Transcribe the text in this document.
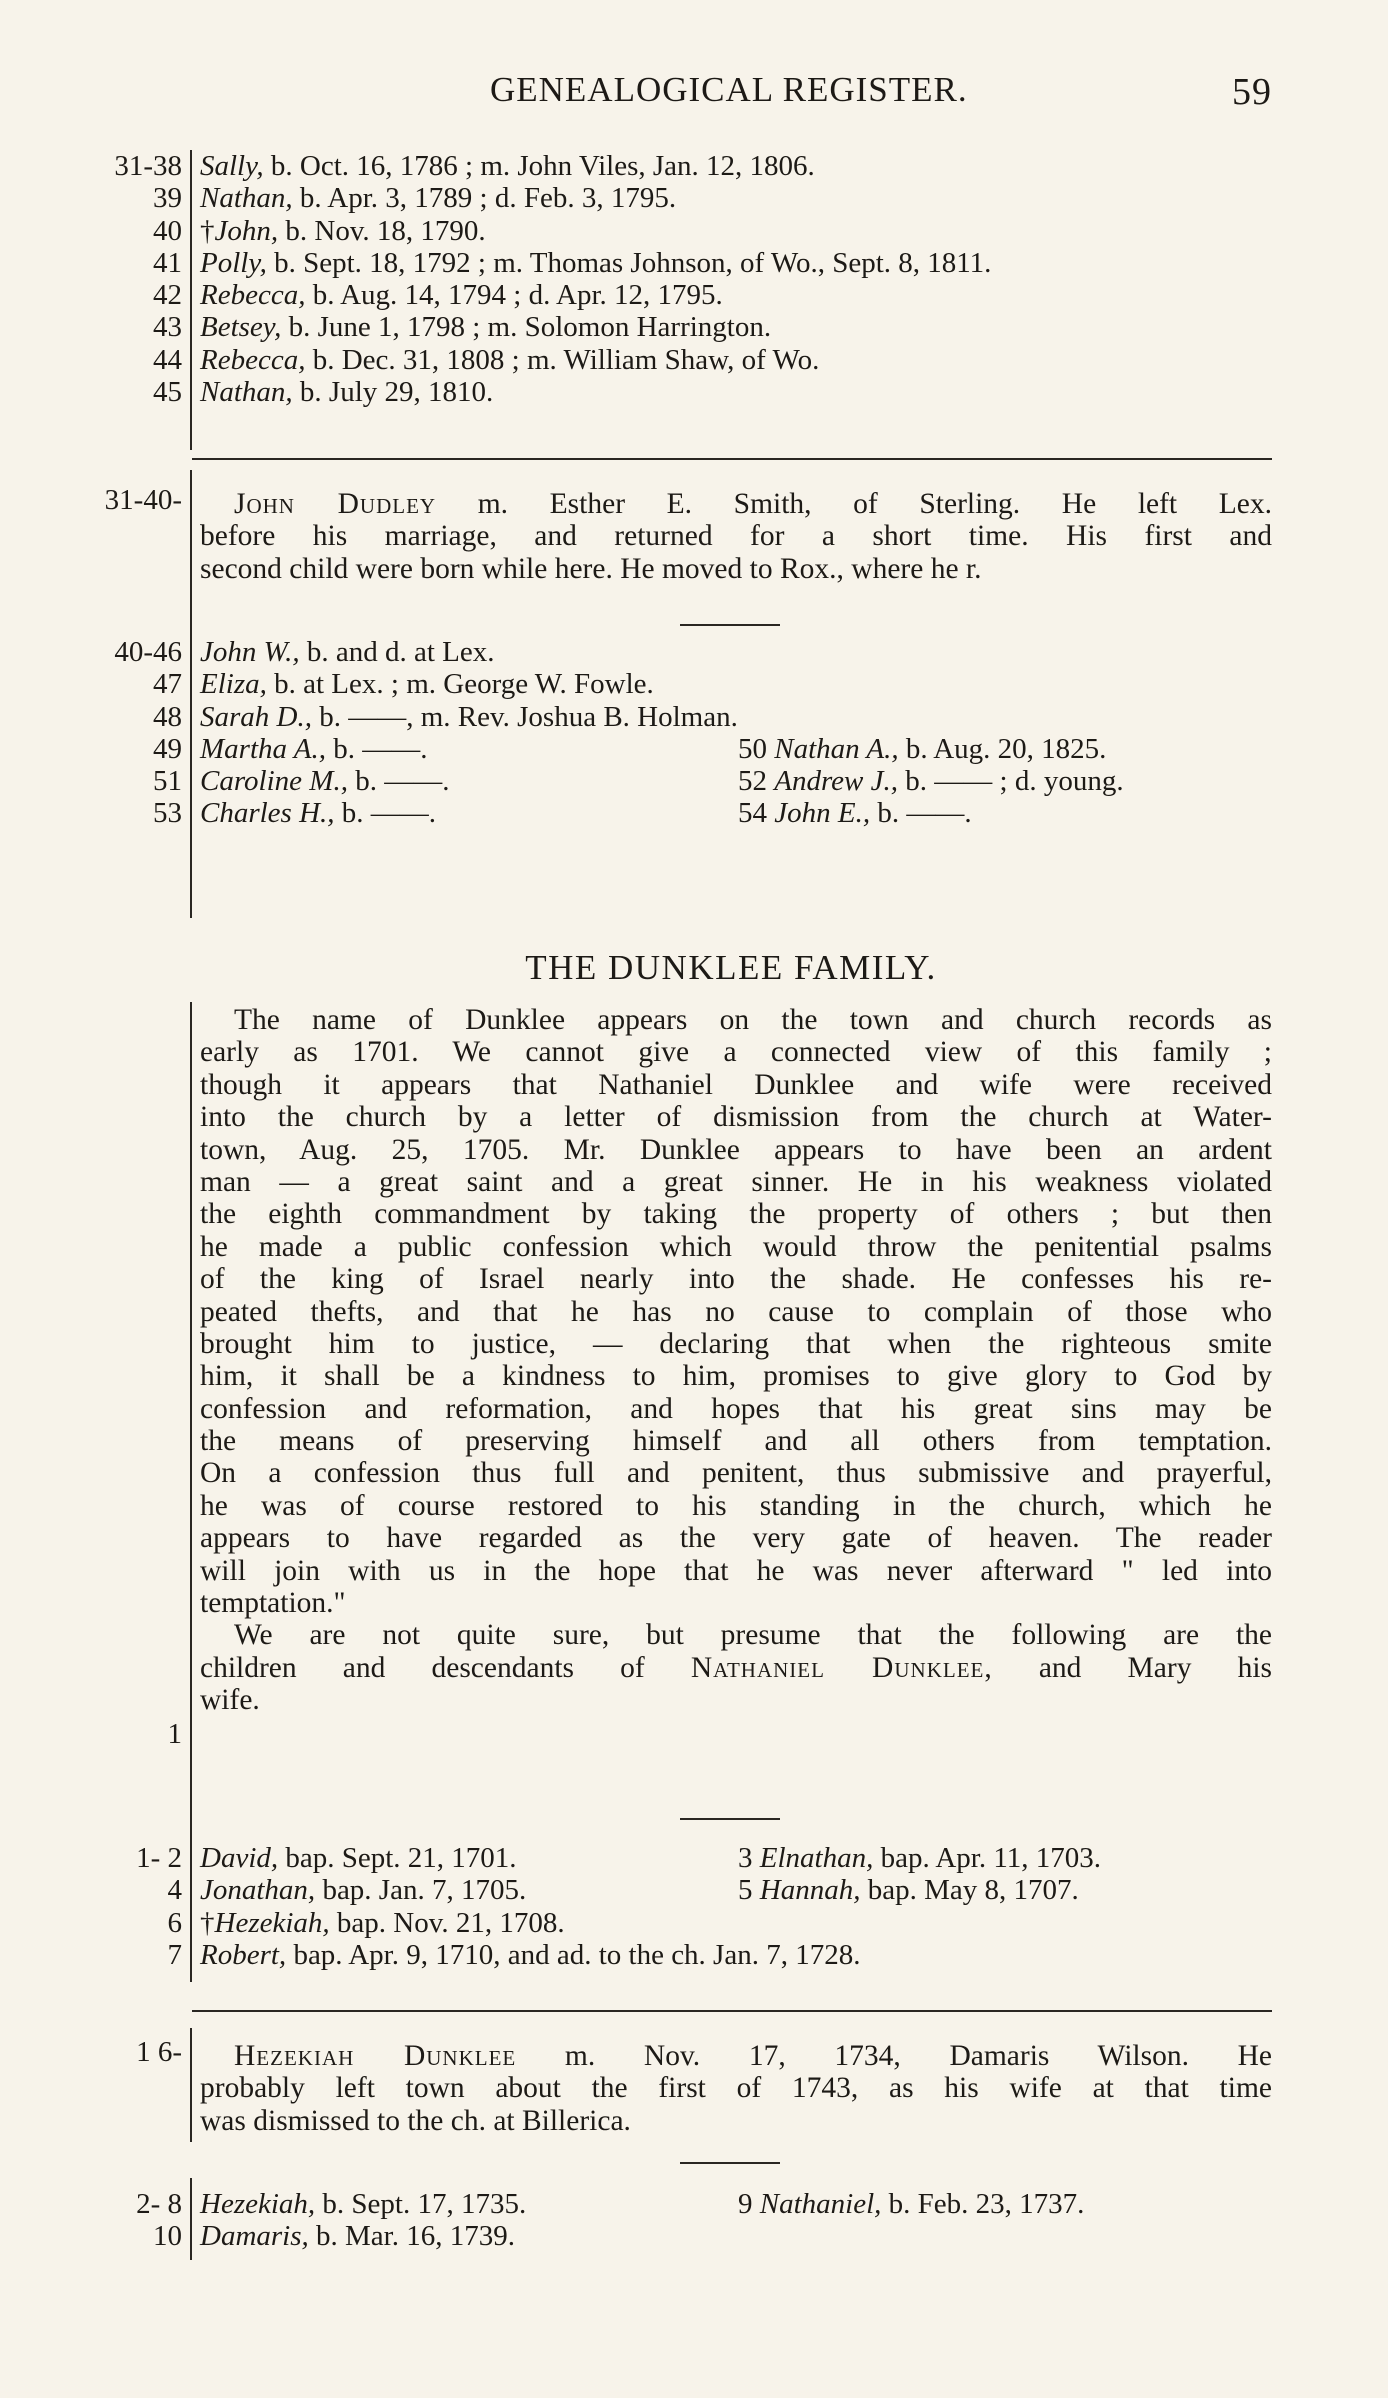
GENEALOGICAL REGISTER.	59
31-38 Sally, b. Oct. 16, 1786 ; m. John Viles, Jan. 12, 1806.
39 Nathan, b. Apr. 3, 1789 ; d. Feb. 3, 1795.
40 †John, b. Nov. 18, 1790.
41 Polly, b. Sept. 18, 1792 ; m. Thomas Johnson, of Wo., Sept. 8, 1811.
42 Rebecca, b. Aug. 14, 1794 ; d. Apr. 12, 1795.
43 Betsey, b. June 1, 1798 ; m. Solomon Harrington.
44 Rebecca, b. Dec. 31, 1808 ; m. William Shaw, of Wo.
45 Nathan, b. July 29, 1810.
31-40-	John Dudley m. Esther E. Smith, of Sterling. He left Lex.
before his marriage, and returned for a short time. His first and
second child were born while here. He moved to Rox., where he r.
40-46 John W., b. and d. at Lex.
47 Eliza, b. at Lex. ; m. George W. Fowle.
48 Sarah D., b. ——, m. Rev. Joshua B. Holman.
49 Martha A., b. ——.	50 Nathan A., b. Aug. 20, 1825.
51 Caroline M., b. ——.	52 Andrew J., b. —— ; d. young.
53 Charles H., b. ——.	54 John E., b. ——.
THE DUNKLEE FAMILY.
The name of Dunklee appears on the town and church records as
early as 1701. We cannot give a connected view of this family ;
though it appears that Nathaniel Dunklee and wife were received
into the church by a letter of dismission from the church at Water-
town, Aug. 25, 1705. Mr. Dunklee appears to have been an ardent
man — a great saint and a great sinner. He in his weakness violated
the eighth commandment by taking the property of others ; but then
he made a public confession which would throw the penitential psalms
of the king of Israel nearly into the shade. He confesses his re-
peated thefts, and that he has no cause to complain of those who
brought him to justice, — declaring that when the righteous smite
him, it shall be a kindness to him, promises to give glory to God by
confession and reformation, and hopes that his great sins may be
the means of preserving himself and all others from temptation.
On a confession thus full and penitent, thus submissive and prayerful,
he was of course restored to his standing in the church, which he
appears to have regarded as the very gate of heaven. The reader
will join with us in the hope that he was never afterward " led into
temptation."
We are not quite sure, but presume that the following are the
children and descendants of Nathaniel Dunklee, and Mary his
wife.
1
1- 2 David, bap. Sept. 21, 1701.	3 Elnathan, bap. Apr. 11, 1703.
4 Jonathan, bap. Jan. 7, 1705.	5 Hannah, bap. May 8, 1707.
6 †Hezekiah, bap. Nov. 21, 1708.
7 Robert, bap. Apr. 9, 1710, and ad. to the ch. Jan. 7, 1728.
1 6-	Hezekiah Dunklee m. Nov. 17, 1734, Damaris Wilson. He
probably left town about the first of 1743, as his wife at that time
was dismissed to the ch. at Billerica.
2- 8 Hezekiah, b. Sept. 17, 1735.	9 Nathaniel, b. Feb. 23, 1737.
10 Damaris, b. Mar. 16, 1739.
